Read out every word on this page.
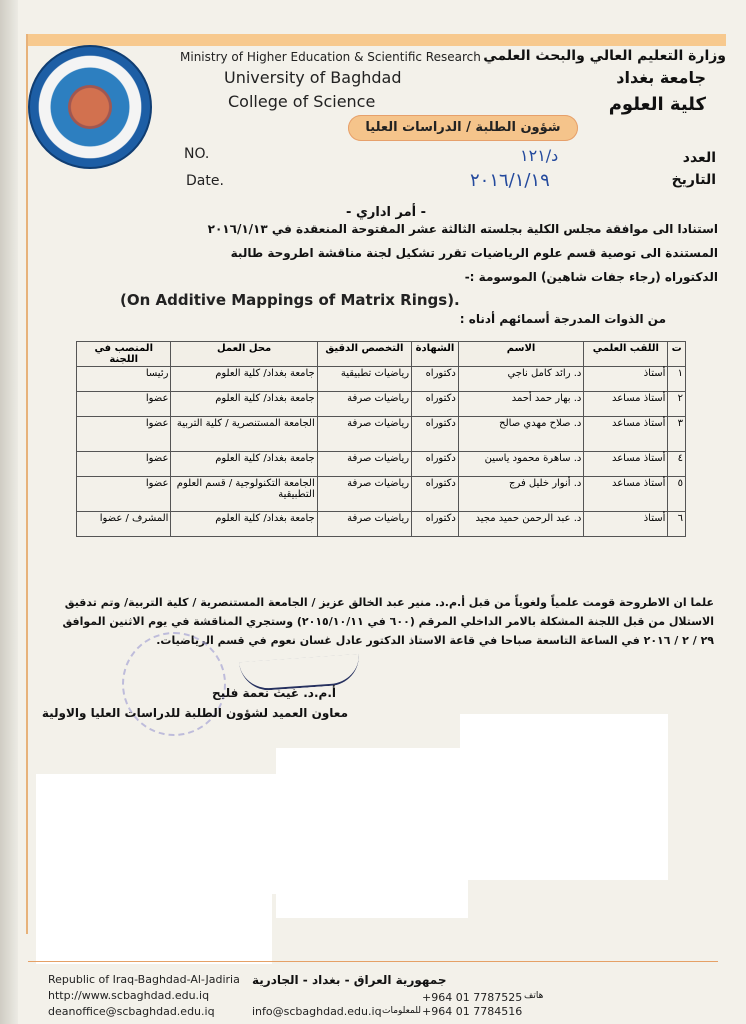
Ministry of Higher Education & Scientific Research
University of Baghdad
College of Science
وزارة التعليم العالي والبحث العلمي
جامعة بغداد
كلية العلوم
شؤون الطلبة / الدراسات العليا
NO.
Date.
العدد
التاريخ
د/١٢١
٢٠١٦/١/١٩
- أمر اداري -
استنادا الى موافقة مجلس الكلية بجلسته الثالثة عشر المفتوحة المنعقدة في ٢٠١٦/١/١٣
المستندة الى توصية قسم علوم الرياضيات تقرر تشكيل لجنة مناقشة اطروحة طالبة
الدكتوراه (رجاء جفات شاهين) الموسومة :-
(On Additive Mappings of Matrix Rings).
من الذوات المدرجة أسمائهم أدناه :
ت	اللقب العلمي	الاسم	الشهادة	التخصص الدقيق	محل العمل	المنصب في اللجنة
١	أستاذ	د. رائد كامل ناجي	دكتوراه	رياضيات تطبيقية	جامعة بغداد/ كلية العلوم	رئيسا
٢	أستاذ مساعد	د. بهار حمد أحمد	دكتوراه	رياضيات صرفة	جامعة بغداد/ كلية العلوم	عضوا
٣	أستاذ مساعد	د. صلاح مهدي صالح	دكتوراه	رياضيات صرفة	الجامعة المستنصرية / كلية التربية	عضوا
٤	أستاذ مساعد	د. ساهرة محمود ياسين	دكتوراه	رياضيات صرفة	جامعة بغداد/ كلية العلوم	عضوا
٥	أستاذ مساعد	د. أنوار خليل فرج	دكتوراه	رياضيات صرفة	الجامعة التكنولوجية / قسم العلوم التطبيقية	عضوا
٦	أستاذ	د. عبد الرحمن حميد مجيد	دكتوراه	رياضيات صرفة	جامعة بغداد/ كلية العلوم	المشرف / عضوا
علما ان الاطروحة قومت علمياً ولغوياً من قبل أ.م.د. منير عبد الخالق عزيز / الجامعة المستنصرية / كلية التربية/ وتم تدقيق
الاستلال من قبل اللجنة المشكلة بالامر الداخلي المرقم (٦٠٠ في ٢٠١٥/١٠/١١) وستجري المناقشة في يوم الاثنين الموافق
٢٩ / ٢ / ٢٠١٦ في الساعة التاسعة صباحا في قاعة الاستاذ الدكتور عادل غسان نعوم في قسم الرياضيات.
أ.م.د. غيث نعمة فليح
معاون العميد لشؤون الطلبة للدراسات العليا والاولية
Republic of Iraq-Baghdad-Al-Jadiria
http://www.scbaghdad.edu.iq
deanoffice@scbaghdad.edu.iq
جمهورية العراق - بغداد - الجادرية
+964 01 7787525 هاتف
info@scbaghdad.edu.iq للمعلومات +964 01 7784516
